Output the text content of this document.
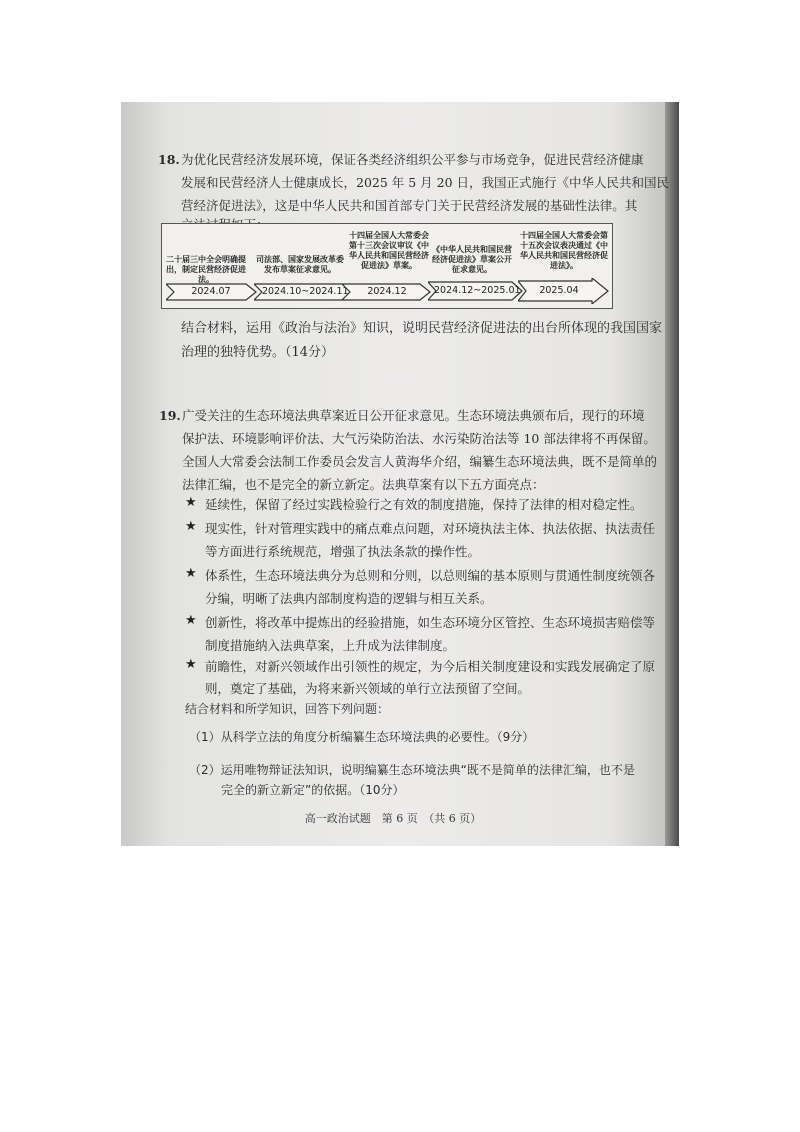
18. 为优化民营经济发展环境，保证各类经济组织公平参与市场竞争，促进民营经济健康
发展和民营经济人士健康成长，2025 年 5 月 20 日，我国正式施行《中华人民共和国民
营经济促进法》，这是中华人民共和国首部专门关于民营经济发展的基础性法律。其
二十届三中全会明确提出，制定民营经济促进法。
2024.07
司法部、国家发展改革委发布草案征求意见。
2024.10~2024.11
十四届全国人大常委会第十三次会议审议《中华人民共和国民营经济促进法》草案。
2024.12
《中华人民共和国民营经济促进法》草案公开征求意见。
2024.12~2025.01
十四届全国人大常委会第十五次会议表决通过《中华人民共和国民营经济促进法》。
2025.04
结合材料，运用《政治与法治》知识，说明民营经济促进法的出台所体现的我国国家
治理的独特优势。（14分）
19. 广受关注的生态环境法典草案近日公开征求意见。生态环境法典颁布后，现行的环境
保护法、环境影响评价法、大气污染防治法、水污染防治法等 10 部法律将不再保留。
全国人大常委会法制工作委员会发言人黄海华介绍，编纂生态环境法典，既不是简单的
法律汇编，也不是完全的新立新定。法典草案有以下五方面亮点：
★ 延续性，保留了经过实践检验行之有效的制度措施，保持了法律的相对稳定性。
★ 现实性，针对管理实践中的痛点难点问题，对环境执法主体、执法依据、执法责任
等方面进行系统规范，增强了执法条款的操作性。
★ 体系性，生态环境法典分为总则和分则，以总则编的基本原则与贯通性制度统领各
分编，明晰了法典内部制度构造的逻辑与相互关系。
★ 创新性，将改革中提炼出的经验措施，如生态环境分区管控、生态环境损害赔偿等
制度措施纳入法典草案，上升成为法律制度。
★ 前瞻性，对新兴领域作出引领性的规定，为今后相关制度建设和实践发展确定了原
则，奠定了基础，为将来新兴领域的单行立法预留了空间。
结合材料和所学知识，回答下列问题：
（1）从科学立法的角度分析编纂生态环境法典的必要性。（9分）
（2）运用唯物辩证法知识，说明编纂生态环境法典“既不是简单的法律汇编，也不是
完全的新立新定”的依据。（10分）
高一政治试题　第 6 页　（共 6 页）
